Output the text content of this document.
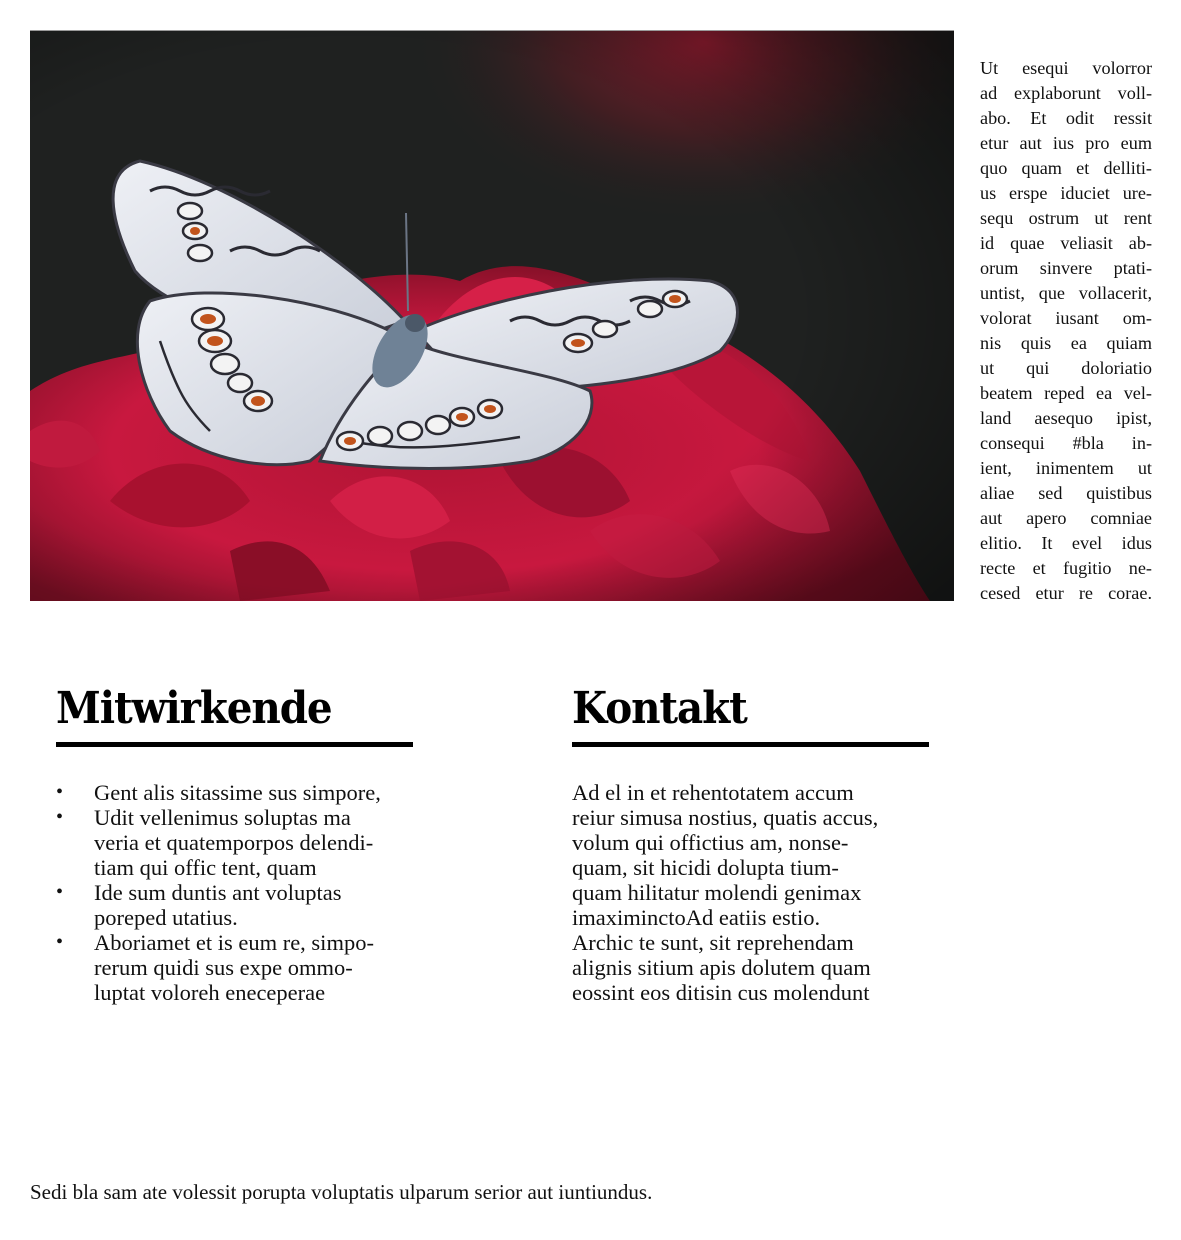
Ut esequi volorror
ad explaborunt voll-
abo. Et odit ressit
etur aut ius pro eum
quo quam et delliti-
us erspe iduciet ure-
sequ ostrum ut rent
id quae veliasit ab-
orum sinvere ptati-
untist, que vollacerit,
volorat iusant om-
nis quis ea quiam
ut qui doloriatio
beatem reped ea vel-
land aesequo ipist,
consequi #bla in-
ient, inimentem ut
aliae sed quistibus
aut apero comniae
elitio. It evel idus
recte et fugitio ne-
cesed etur re corae.
Mitwirkende
• Gent alis sitassime sus simpore,
• Udit vellenimus soluptas ma
veria et quatemporpos delendi-
tiam qui offic tent, quam
• Ide sum duntis ant voluptas
poreped utatius.
• Aboriamet et is eum re, simpo-
rerum quidi sus expe ommo-
luptat voloreh eneceperae
Kontakt
Ad el in et rehentotatem accum
reiur simusa nostius, quatis accus,
volum qui offictius am, nonse-
quam, sit hicidi dolupta tium-
quam hilitatur molendi genimax
imaximinctoAd eatiis estio.
Archic te sunt, sit reprehendam
alignis sitium apis dolutem quam
eossint eos ditisin cus molendunt
Sedi bla sam ate volessit porupta voluptatis ulparum serior aut iuntiundus.
